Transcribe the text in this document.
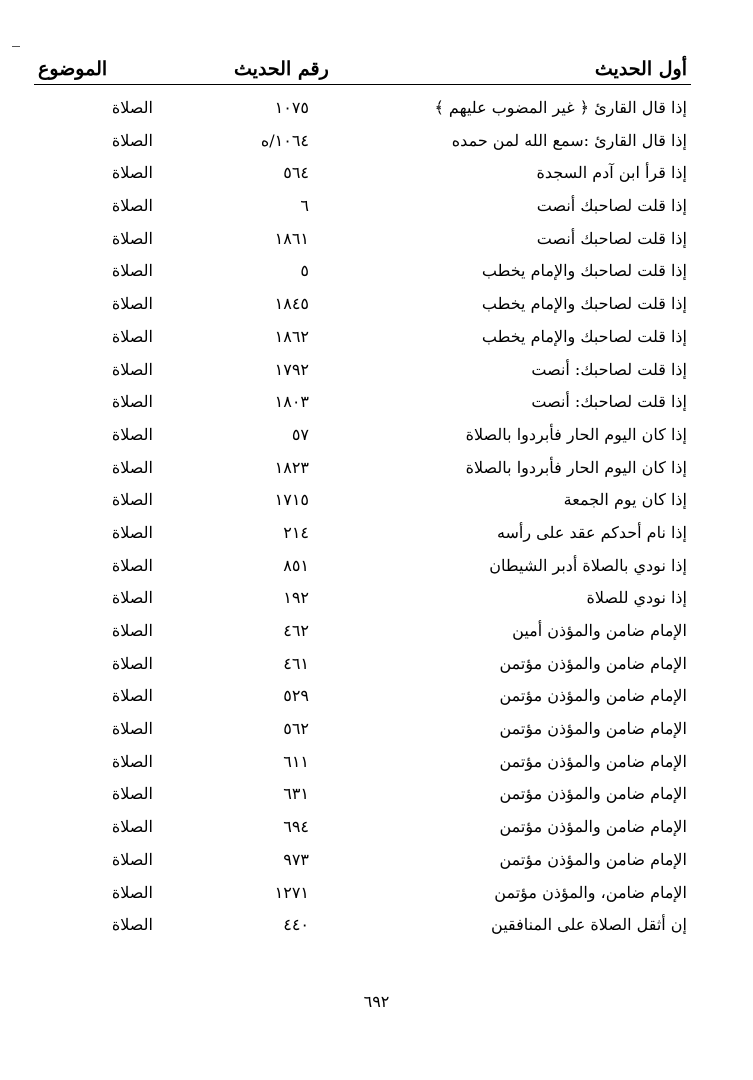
أول الحديث
رقم الحديث
الموضوع
إذا قال القارئ ﴿ غير المضوب عليهم ﴾
١٠٧٥
الصلاة
إذا قال القارئ :سمع الله لمن حمده
١٠٦٤/ه
الصلاة
إذا قرأ ابن آدم السجدة
٥٦٤
الصلاة
إذا قلت لصاحبك أنصت
٦
الصلاة
إذا قلت لصاحبك أنصت
١٨٦١
الصلاة
إذا قلت لصاحبك والإمام يخطب
٥
الصلاة
إذا قلت لصاحبك والإمام يخطب
١٨٤٥
الصلاة
إذا قلت لصاحبك والإمام يخطب
١٨٦٢
الصلاة
إذا قلت لصاحبك: أنصت
١٧٩٢
الصلاة
إذا قلت لصاحبك: أنصت
١٨٠٣
الصلاة
إذا كان اليوم الحار فأبردوا بالصلاة
٥٧
الصلاة
إذا كان اليوم الحار فأبردوا بالصلاة
١٨٢٣
الصلاة
إذا كان يوم الجمعة
١٧١٥
الصلاة
إذا نام أحدكم عقد على رأسه
٢١٤
الصلاة
إذا نودي بالصلاة أدبر الشيطان
٨٥١
الصلاة
إذا نودي للصلاة
١٩٢
الصلاة
الإمام ضامن والمؤذن أمين
٤٦٢
الصلاة
الإمام ضامن والمؤذن مؤتمن
٤٦١
الصلاة
الإمام ضامن والمؤذن مؤتمن
٥٢٩
الصلاة
الإمام ضامن والمؤذن مؤتمن
٥٦٢
الصلاة
الإمام ضامن والمؤذن مؤتمن
٦١١
الصلاة
الإمام ضامن والمؤذن مؤتمن
٦٣١
الصلاة
الإمام ضامن والمؤذن مؤتمن
٦٩٤
الصلاة
الإمام ضامن والمؤذن مؤتمن
٩٧٣
الصلاة
الإمام ضامن، والمؤذن مؤتمن
١٢٧١
الصلاة
إن أثقل الصلاة على المنافقين
٤٤٠
الصلاة
٦٩٢
